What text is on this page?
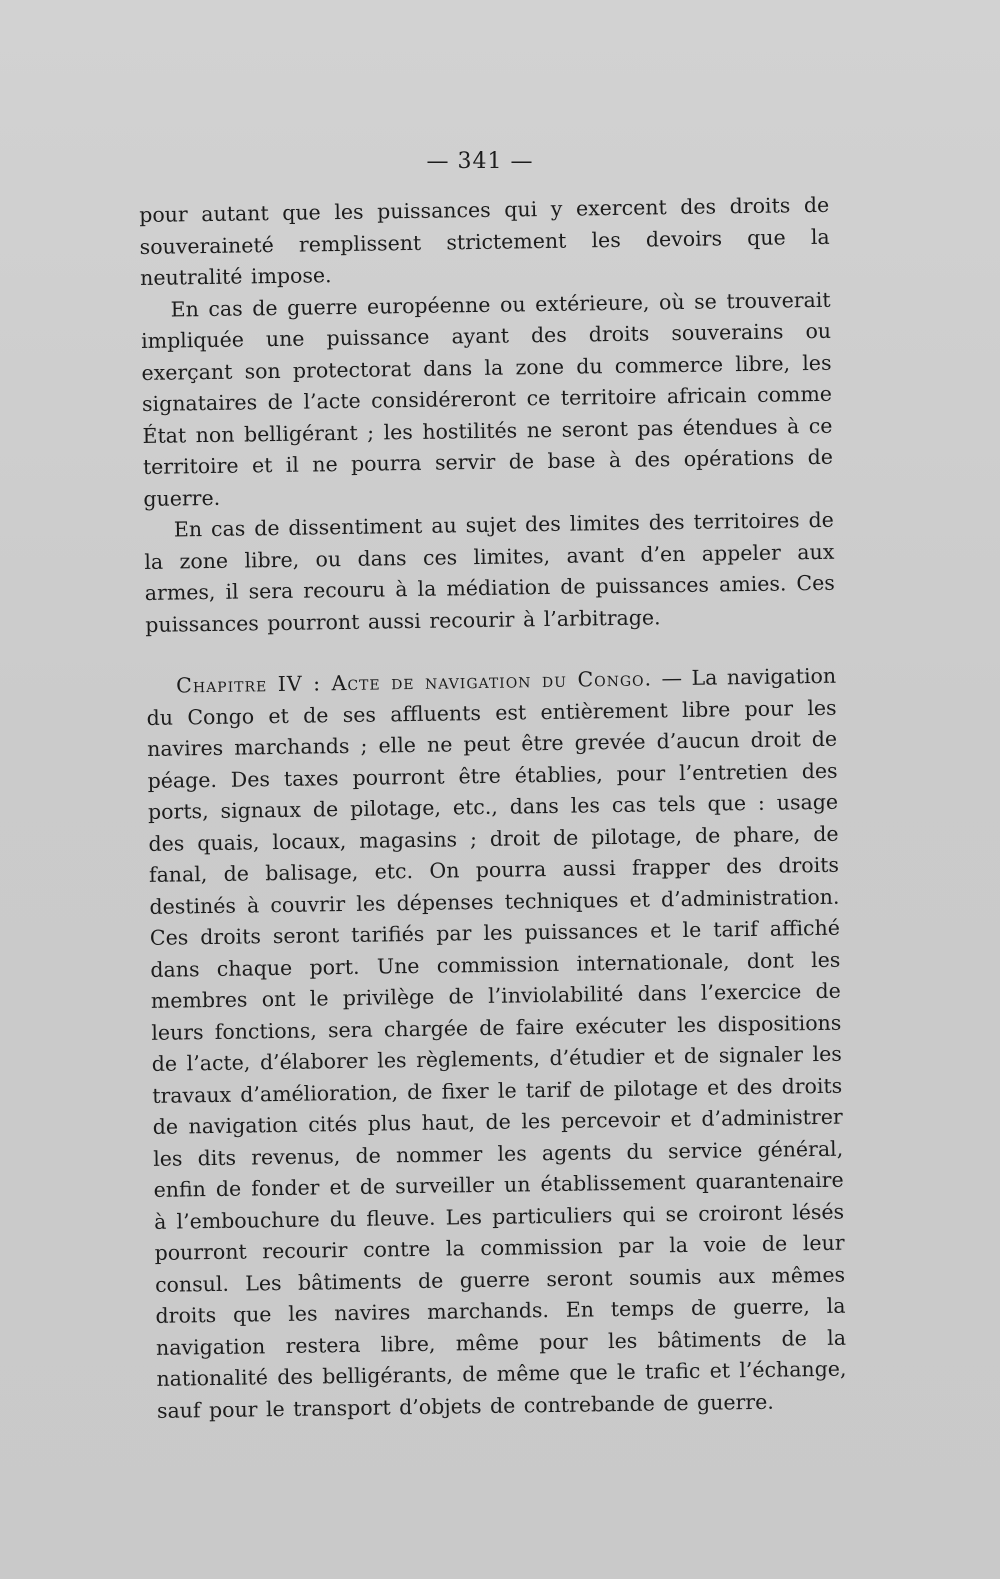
— 341 —

pour autant que les puissances qui y exercent des droits de souveraineté remplissent strictement les devoirs que la neutralité impose.

En cas de guerre européenne ou extérieure, où se trouverait impliquée une puissance ayant des droits souverains ou exerçant son protectorat dans la zone du commerce libre, les signataires de l’acte considéreront ce territoire africain comme État non belligérant ; les hostilités ne seront pas étendues à ce territoire et il ne pourra servir de base à des opérations de guerre.

En cas de dissentiment au sujet des limites des territoires de la zone libre, ou dans ces limites, avant d’en appeler aux armes, il sera recouru à la médiation de puissances amies. Ces puissances pourront aussi recourir à l’arbitrage.

Chapitre IV : Acte de navigation du Congo. — La navigation du Congo et de ses affluents est entièrement libre pour les navires marchands ; elle ne peut être grevée d’aucun droit de péage. Des taxes pourront être établies, pour l’entretien des ports, signaux de pilotage, etc., dans les cas tels que : usage des quais, locaux, magasins ; droit de pilotage, de phare, de fanal, de balisage, etc. On pourra aussi frapper des droits destinés à couvrir les dépenses techniques et d’administration. Ces droits seront tarifiés par les puissances et le tarif affiché dans chaque port. Une commission internationale, dont les membres ont le privilège de l’inviolabilité dans l’exercice de leurs fonctions, sera chargée de faire exécuter les dispositions de l’acte, d’élaborer les règlements, d’étudier et de signaler les travaux d’amélioration, de fixer le tarif de pilotage et des droits de navigation cités plus haut, de les percevoir et d’administrer les dits revenus, de nommer les agents du service général, enfin de fonder et de surveiller un établissement quarantenaire à l’embouchure du fleuve. Les particuliers qui se croiront lésés pourront recourir contre la commission par la voie de leur consul. Les bâtiments de guerre seront soumis aux mêmes droits que les navires marchands. En temps de guerre, la navigation restera libre, même pour les bâtiments de la nationalité des belligérants, de même que le trafic et l’échange, sauf pour le transport d’objets de contrebande de guerre.
